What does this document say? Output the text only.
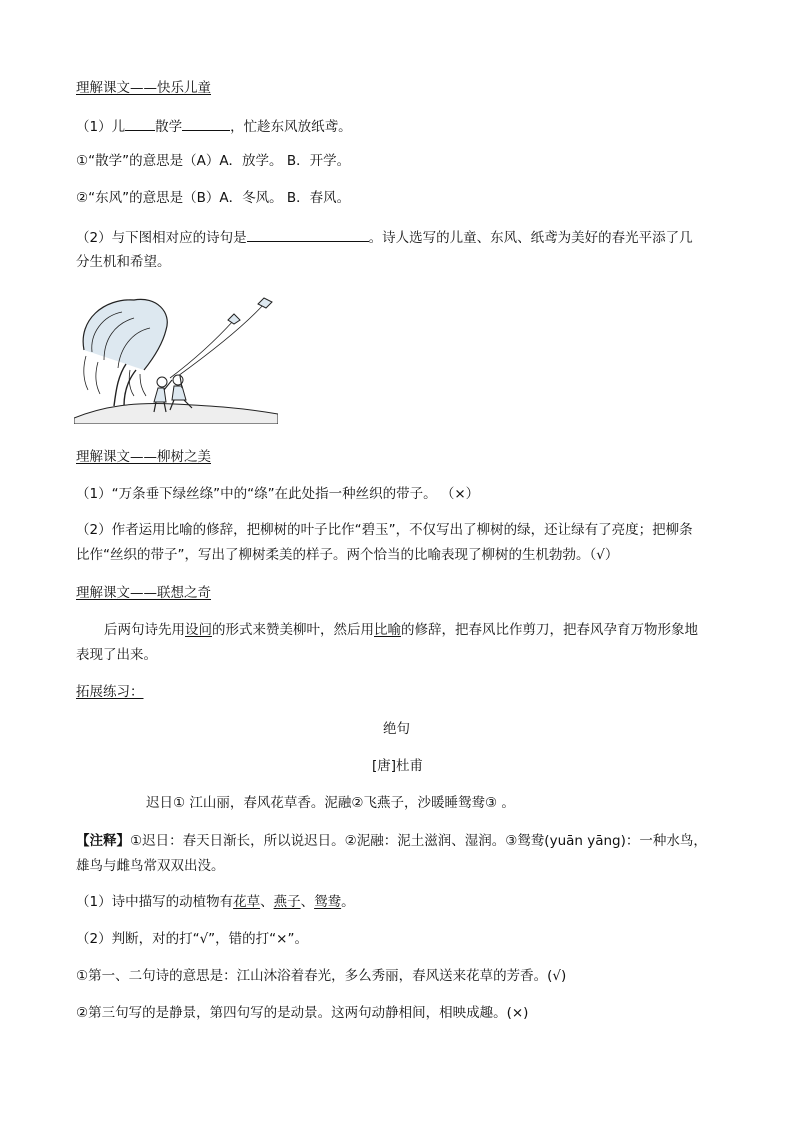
理解课文——快乐儿童
（1）儿 散学	，忙趁东风放纸鸢。
①“散学”的意思是（A）A．放学。 B．开学。
②“东风”的意思是（B）A．冬风。 B．春风。
（2）与下图相对应的诗句是	。诗人选写的儿童、东风、纸鸢为美好的春光平添了几
分生机和希望。
理解课文——柳树之美
（1）“万条垂下绿丝绦”中的“绦”在此处指一种丝织的带子。 （×）
（2）作者运用比喻的修辞，把柳树的叶子比作“碧玉”，不仅写出了柳树的绿，还让绿有了亮度；把柳条
比作“丝织的带子”，写出了柳树柔美的样子。两个恰当的比喻表现了柳树的生机勃勃。（√）
理解课文——联想之奇
后两句诗先用设问的形式来赞美柳叶，然后用比喻的修辞，把春风比作剪刀，把春风孕育万物形象地
表现了出来。
拓展练习：
绝句
[唐]杜甫
迟日① 江山丽，春风花草香。泥融②飞燕子，沙暖睡鸳鸯③ 。
【注释】①迟日：春天日渐长，所以说迟日。②泥融：泥土滋润、湿润。③鸳鸯(yuān yāng)：一种水鸟，
雄鸟与雌鸟常双双出没。
（1）诗中描写的动植物有花草、燕子、鸳鸯。
（2）判断，对的打“√”，错的打“×”。
①第一、二句诗的意思是：江山沐浴着春光，多么秀丽，春风送来花草的芳香。(√)
②第三句写的是静景，第四句写的是动景。这两句动静相间，相映成趣。(×)
